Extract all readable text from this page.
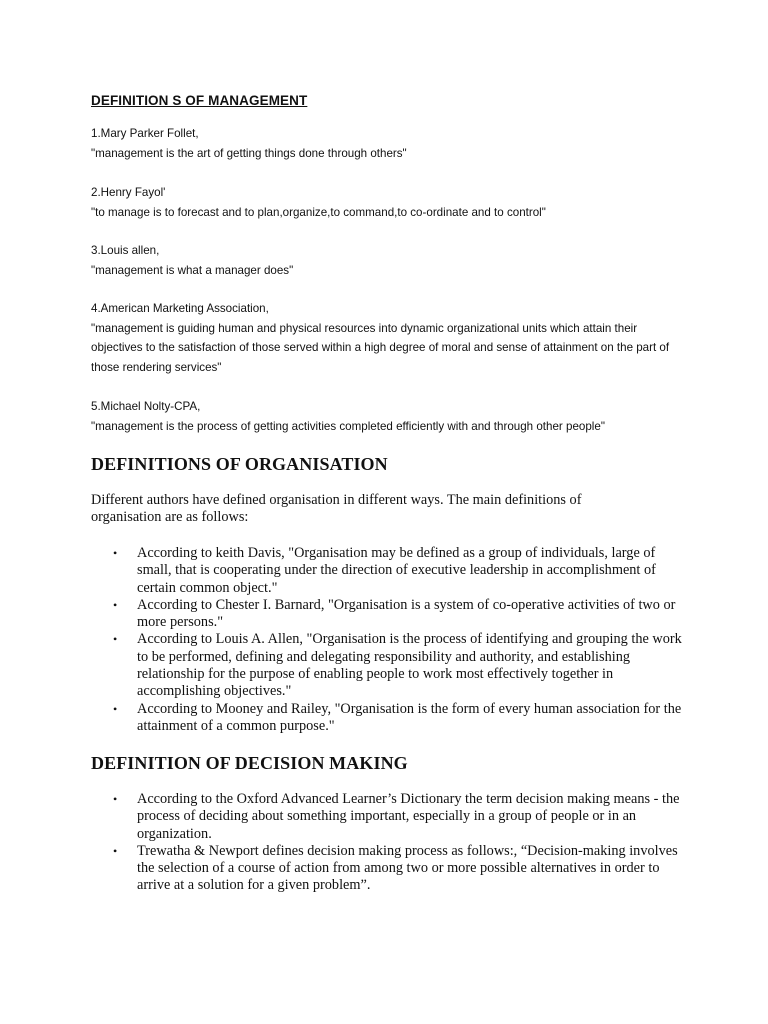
DEFINITION S OF MANAGEMENT
1.Mary Parker Follet,
"management is the art of getting things done through others"
2.Henry Fayol'
"to manage is to forecast and to plan,organize,to command,to co-ordinate and to control"
3.Louis allen,
"management is what a manager does"
4.American Marketing Association,
"management is guiding human and physical resources into dynamic organizational units which attain their objectives to the satisfaction of those served within a high degree of moral and sense of attainment on the part of those rendering services"
5.Michael Nolty-CPA,
"management is the process of getting activities completed efficiently with and through other people"
DEFINITIONS OF ORGANISATION
Different authors have defined organisation in different ways. The main definitions of organisation are as follows:
• According to keith Davis, "Organisation may be defined as a group of individuals, large of small, that is cooperating under the direction of executive leadership in accomplishment of certain common object."
• According to Chester I. Barnard, "Organisation is a system of co-operative activities of two or more persons."
• According to Louis A. Allen, "Organisation is the process of identifying and grouping the work to be performed, defining and delegating responsibility and authority, and establishing relationship for the purpose of enabling people to work most effectively together in accomplishing objectives."
• According to Mooney and Railey, "Organisation is the form of every human association for the attainment of a common purpose."
DEFINITION OF DECISION MAKING
• According to the Oxford Advanced Learner’s Dictionary the term decision making means - the process of deciding about something important, especially in a group of people or in an organization.
• Trewatha & Newport defines decision making process as follows:, “Decision-making involves the selection of a course of action from among two or more possible alternatives in order to arrive at a solution for a given problem”.
